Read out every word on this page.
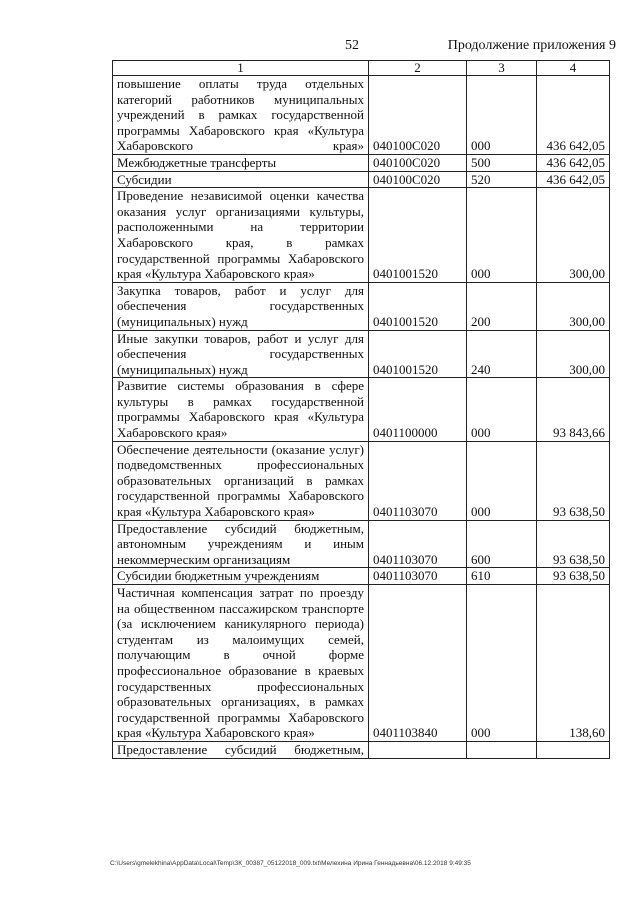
52	Продолжение приложения 9
1	2	3	4
повышение оплаты труда отдельных категорий работников муниципальных учреждений в рамках государственной программы Хабаровского края «Культура Хабаровского края»	040100С020	000	436 642,05
Межбюджетные трансферты	040100С020	500	436 642,05
Субсидии	040100С020	520	436 642,05
Проведение независимой оценки качества оказания услуг организациями культуры, расположенными на территории Хабаровского края, в рамках государственной программы Хабаровского края «Культура Хабаровского края»	0401001520	000	300,00
Закупка товаров, работ и услуг для обеспечения государственных (муниципальных) нужд	0401001520	200	300,00
Иные закупки товаров, работ и услуг для обеспечения государственных (муниципальных) нужд	0401001520	240	300,00
Развитие системы образования в сфере культуры в рамках государственной программы Хабаровского края «Культура Хабаровского края»	0401100000	000	93 843,66
Обеспечение деятельности (оказание услуг) подведомственных профессиональных образовательных организаций в рамках государственной программы Хабаровского края «Культура Хабаровского края»	0401103070	000	93 638,50
Предоставление субсидий бюджетным, автономным учреждениям и иным некоммерческим организациям	0401103070	600	93 638,50
Субсидии бюджетным учреждениям	0401103070	610	93 638,50
Частичная компенсация затрат по проезду на общественном пассажирском транспорте (за исключением каникулярного периода) студентам из малоимущих семей, получающим в очной форме профессиональное образование в краевых государственных профессиональных образовательных организациях, в рамках государственной программы Хабаровского края «Культура Хабаровского края»	0401103840	000	138,60
Предоставление субсидий бюджетным,			
C:\Users\gmelekhina\AppData\Local\Temp\ЗК_00387_05122018_009.txt\Мелехина Ирина Геннадьевна\06.12.2018 9:49:35
